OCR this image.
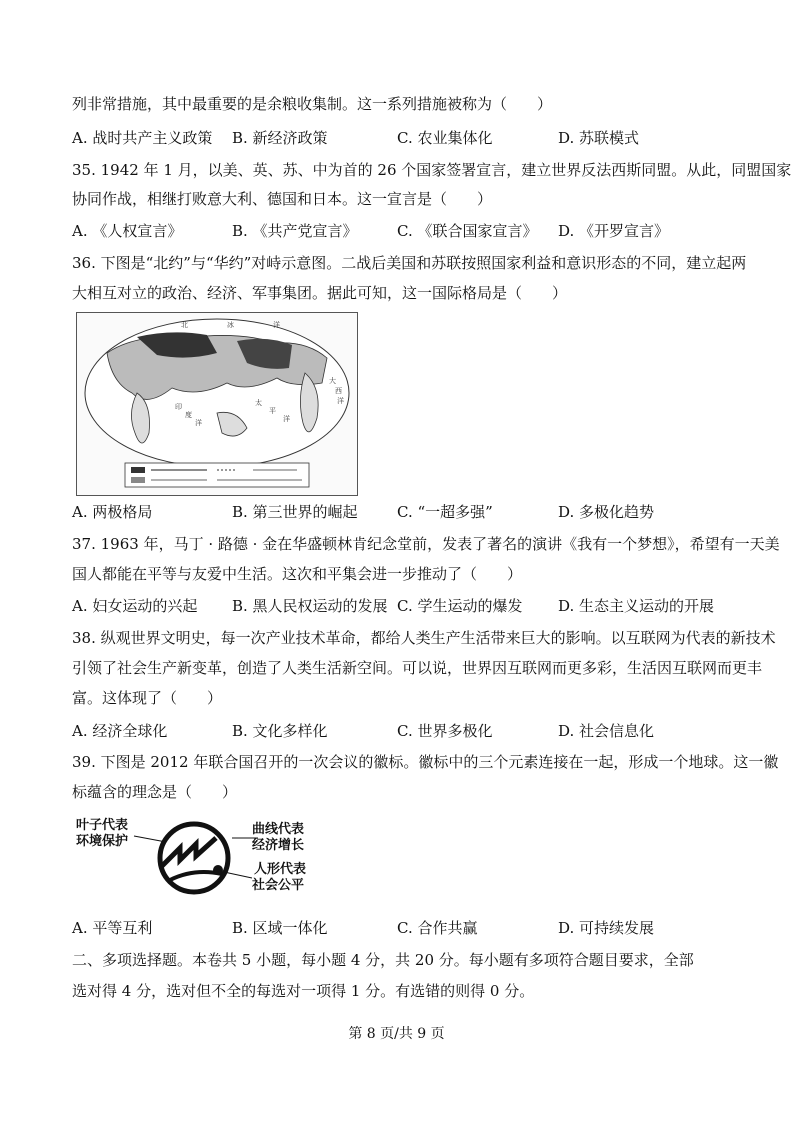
列非常措施，其中最重要的是余粮收集制。这一系列措施被称为（　　）
A. 战时共产主义政策 B. 新经济政策	C. 农业集体化	D. 苏联模式
35. 1942 年 1 月，以美、英、苏、中为首的 26 个国家签署宣言，建立世界反法西斯同盟。从此，同盟国家
协同作战，相继打败意大利、德国和日本。这一宣言是（　　）
A. 《人权宣言》	B. 《共产党宣言》	C. 《联合国家宣言》 D. 《开罗宣言》
36. 下图是“北约”与“华约”对峙示意图。二战后美国和苏联按照国家利益和意识形态的不同，建立起两
大相互对立的政治、经济、军事集团。据此可知，这一国际格局是（　　）
北	冰	洋
印
度
洋
太
平
洋
大
西
洋
A. 两极格局	B. 第三世界的崛起	C. “一超多强”	D. 多极化趋势
37. 1963 年，马丁 · 路德 · 金在华盛顿林肯纪念堂前，发表了著名的演讲《我有一个梦想》，希望有一天美
国人都能在平等与友爱中生活。这次和平集会进一步推动了（　　）
A. 妇女运动的兴起 B. 黑人民权运动的发展 C. 学生运动的爆发 D. 生态主义运动的开展
38. 纵观世界文明史，每一次产业技术革命，都给人类生产生活带来巨大的影响。以互联网为代表的新技术
引领了社会生产新变革，创造了人类生活新空间。可以说，世界因互联网而更多彩，生活因互联网而更丰
富。这体现了（　　）
A. 经济全球化	B. 文化多样化	C. 世界多极化	D. 社会信息化
39. 下图是 2012 年联合国召开的一次会议的徽标。徽标中的三个元素连接在一起，形成一个地球。这一徽
标蕴含的理念是（　　）
叶子代表
环境保护
曲线代表
经济增长
人形代表
社会公平
A. 平等互利	B. 区域一体化	C. 合作共赢	D. 可持续发展
二、多项选择题。本卷共 5 小题，每小题 4 分，共 20 分。每小题有多项符合题目要求，全部
选对得 4 分，选对但不全的每选对一项得 1 分。有选错的则得 0 分。
第 8 页/共 9 页
